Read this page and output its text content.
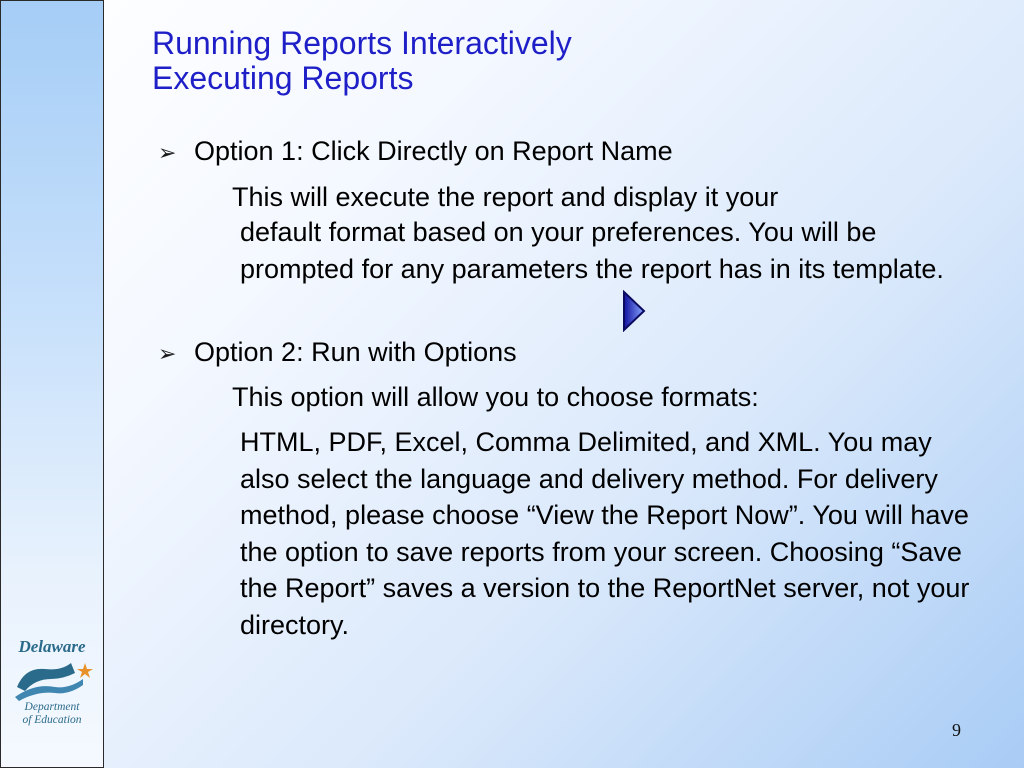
Delaware
Department
of Education
Running Reports Interactively
Executing Reports
➢ Option 1: Click Directly on Report Name

This will execute the report and display it your

default format based on your preferences. You will be prompted for any parameters the report has in its template.

➢ Option 2: Run with Options

This option will allow you to choose formats:

HTML, PDF, Excel, Comma Delimited, and XML. You may also select the language and delivery method. For delivery method, please choose “View the Report Now”. You will have the option to save reports from your screen. Choosing “Save the Report” saves a version to the ReportNet server, not your directory.

9
